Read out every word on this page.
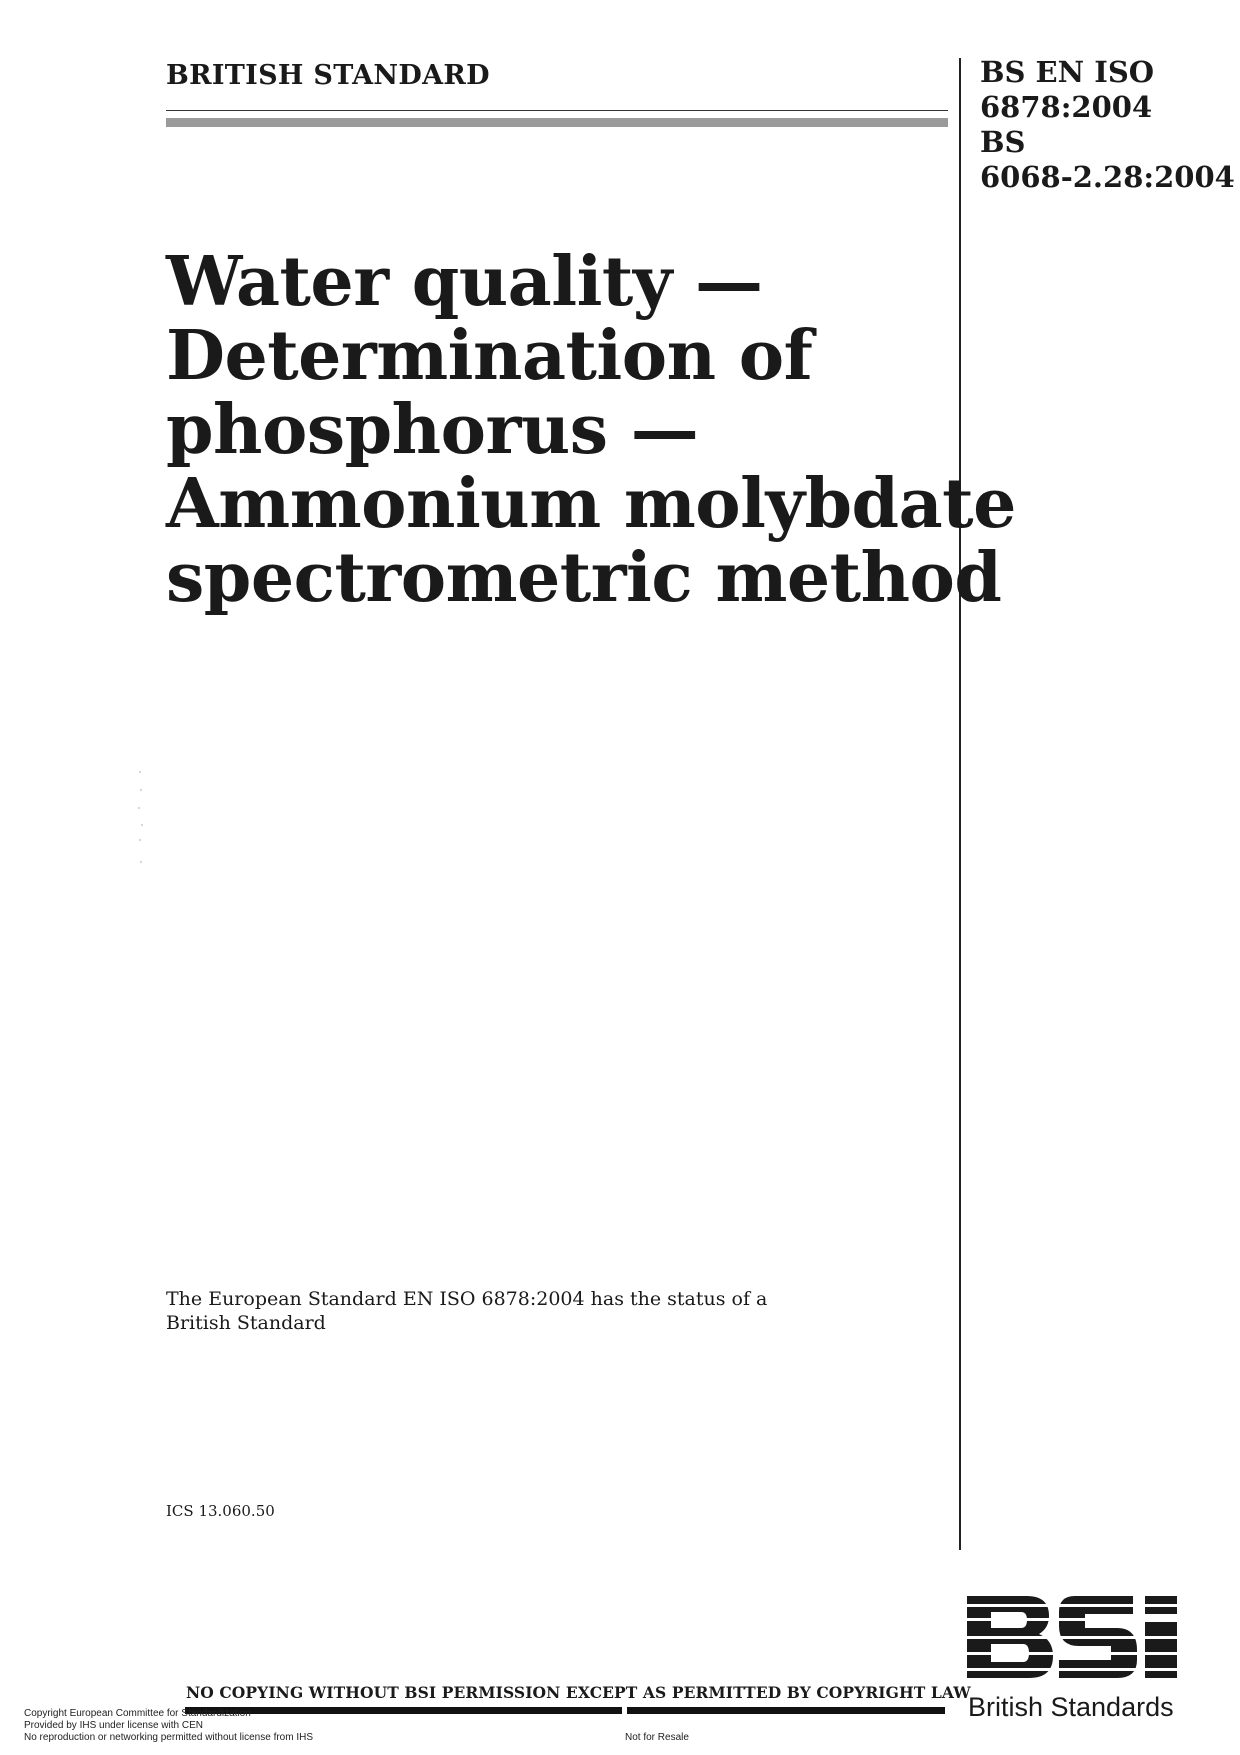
BRITISH STANDARD	BS EN ISO
6878:2004
BS
6068-2.28:2004
Water quality —
Determination of
phosphorus —
Ammonium molybdate
spectrometric method
The European Standard EN ISO 6878:2004 has the status of a
British Standard
ICS 13.060.50
NO COPYING WITHOUT BSI PERMISSION EXCEPT AS PERMITTED BY COPYRIGHT LAW
Copyright European Committee for Standardization
Provided by IHS under license with CEN
No reproduction or networking permitted without license from IHS	Not for Resale
British Standards
